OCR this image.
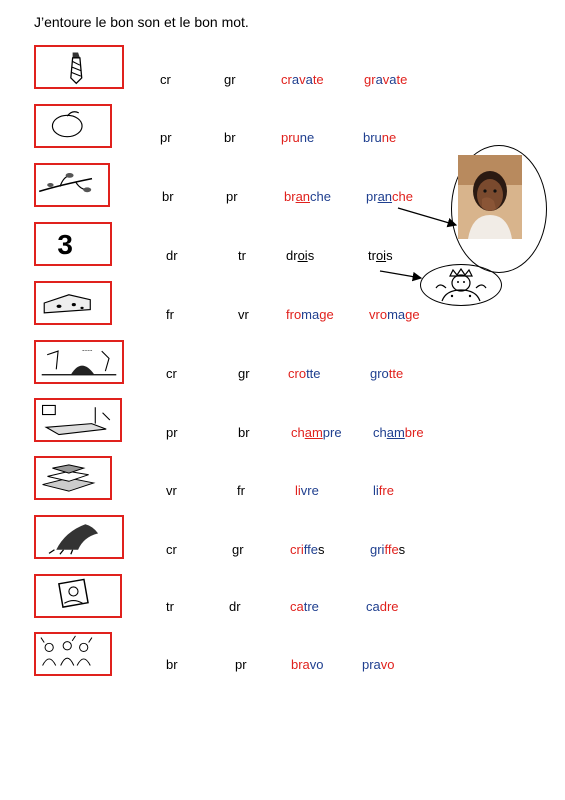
J’entoure le bon son et le bon mot.
cr	gr	cravate	gravate
pr	br	prune	brune
br	pr	branche	pranche
3	dr	tr	drois	trois
fr	vr	fromage	vromage
~~~~
cr	gr	crotte	grotte
pr	br	champre chambre
vr	fr	livre	lifre
cr	gr	criffes	griffes
tr	dr	catre	cadre
br	pr	bravo	pravo
